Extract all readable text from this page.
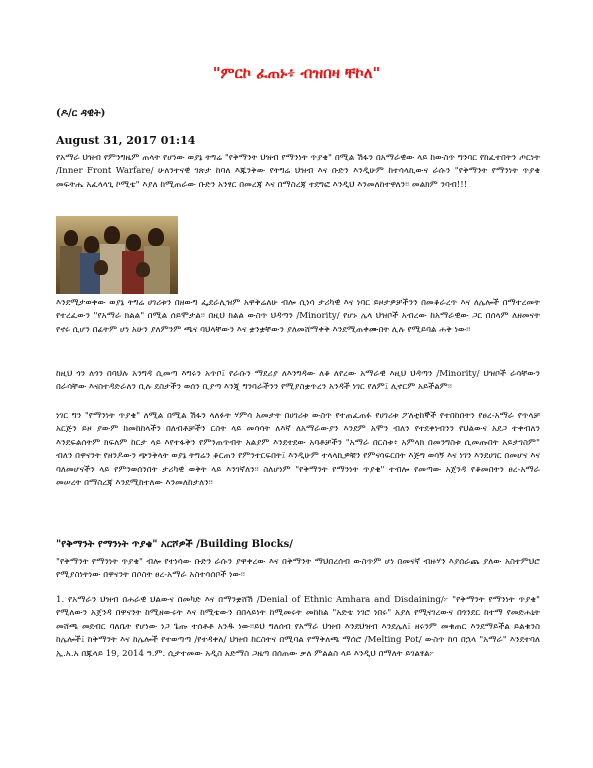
"ምርኮ ፈጠኑ፥ ብዝበዛ ቸኮለ"
(ዶ/ር ዳዊት)
August 31, 2017 01:14

የአማራ ህዝብ የምንግዜም ጠላት የሆነው ወያኔ ትግሬ "የቅማንት ህዝብ የማንነት ጥያቄ" በሚል ሽፋን በአማራዊው ላይ ከውስጥ ግንባር የከፈተበትን ጦርነት /Inner Front Warfare/ ሁለንተናዊ ገጽታ ከባለ እጁንቅው የትግሬ ህዝብ እና ቡድን እንዲሁም ከተሳላኪውና ራሱን "የቅማንት የማንነት ጥያቄ መፍትሔ አፈላላጊ ኮሚቴ" እያለ ከሚጠራው ቡድን አንፃር በመረጃ እና በማስረጃ ተደግፎ እንዲህ እንመለከተዋለን፡፡ መልክም ንባብ!!!

እንደሚታወቀው ወያኔ ትግሬ ሀገሪቱን በዘውግ ፌደራሊዝም አዋቅሬለሁ ብሎ ሲነሳ ታሪካዊ እና ነባር ይዞታዎቻችንን በመቆራረጥ እና ለሌሎች በማተረመት የተረፈውን "የአማራ ክልል" በሚል ሰይሞታል፡፡ በዚህ ክልል ውስጥ ህዳጣን /Minority/ የሆኑ ሌላ ህዝቦች አብረው ከአማራዊው ጋር በሰላም ለዘመናት የኖሩ ሲሆን በፊትም ሆነ አሁን ያለምንም ጫና ባህላቸውን እና ቋንቋቸውን ያለመሸማቀቅ እንደሚጠቀሙበት ሊሉ የሚይባል ሐቅ ነው፡፡

ከዚህ ጎን ለጎን በባህሉ አንግዳ ሲመጣ እግሩን አጥቦ፤ የራሱን ማደሪያ ለእንግዳው ለቆ ለየረው አማራዊ እዚህ ህዳጣን /Minority/ ህዝቦች ራሳቸውን በራሳቸው እናስተዳድራለን ቢሉ ደስታችን ወሰን ቢያጣ እንጂ ግንባራችንን የሚያስቋጥረን አንዳች ነገር የለም፤ ሊኖርም አይችልም፡፡

ነገር ግን "የማንነት ጥያቄ" ለሚል በሚል ሽፋን ላለፉት ሃምሳ አመታት በሀገሪቱ ውስጥ የተጠፈጠፉ የሀገሪቱ ፖለቲከኞች የተበከበትን የፀረ-አማራ የጥላቻ አርጅን ይዞ ያውም ከመከከላችን በለብቶቻችን ርስት ላይ መሳሳት ለእኛ ለአማራውያን እንደም አሞን ብለን የተደቀነብንን የህልውና አደጋ ተቀብለን እንደፍልሰትም ክፍለም ከርታ ላይ እየተፋቅን የምንጠጥብት አልያም እንደተደው አባቶቻችን "አማራ በርስቱ፥ አምላክ በመንግስቱ ሲመጡበት አይታገስም" ብለን በዋናንት የዘንዶውን ጭንቅላት ወያኔ ትግሬን ቆርጠን የምንተርፍበት፤ እንዲሁም ተላላኪዎቹን የምናሳፍርበት እጅግ ወሳኝ እና ነገን እንደሀገር በመሆና እና ባለመሆናችን ላይ የምንወሰንበት ታሪካዊ ወቅት ላይ እንገኛለን፡፡ ስለሆነም "የቅማንት የማንነት ጥያቄ" ተብሎ የመጣው አጀንዳ የቆመበትን ፀረ-አማራ መሠረት በማስረጃ እንደሚከተለው እንመለከታለን፡፡

"የቅማንት የማንነት ጥያቄ" አርሾዎች /Building Blocks/

"የቅማንት የማንነት ጥያቄ" ብሎ የተነሳው ቡድን ራሱን ያዋቀረው እና በቅማንት ማህበረሰብ ውስጥም ሆነ በመናኛ ብዙሃን እያሰራጨ ያለው አስተምህሮ የሚያስነትነው በዋናንት በሶስት ፀረ-አማራ አስተሳሰቦች ነው፡፡

1. የአማራን ህዝብ በሐራዊ ህልውና በመካድ እና በማንቋሸሽ /Denial of Ethnic Amhara and Disdaining/፦ "የቅማንት የማንነት ጥያቄ" የሚለውን አጀንዳ በዋናንት ከሚዘውሩት እና ከሚቴውን በበላይነት ከሚመሩት መከከል "አድቴ ነገሮ ነበሩ" አያለ የሚናገረውና በጎንደር ከተማ የመድሐኒት መሸጫ መደብር ባለቤት የሆነው ነጋ ጌጡ ተሰቶቶ አንዱ ነው፡፡ይህ ግለሰብ የአማራ ህዝብ እንደህዝብ እንደሌለ፤ ዘሩንም መቁጠር እንደማይችል ይልቁንስ ከሌሎች፤ ከቅማንት እና ከሌሎች የተወጣጣ /የተዳቀለ/ ህዝብ ከርስትና በሚባል የማቅለጫ ማሰሮ /Melting Pot/ ውስጥ ከባ በኋላ "አማራ" እንደተባለ ኢ.አ.አ በጁላይ 19, 2014 ዓ.ም. ሲታተመው አዲስ አድማስ ጋዜጣ በሰጠው ቃለ ምልልስ ላይ እንዲህ በማለት ይገልፃል፦
